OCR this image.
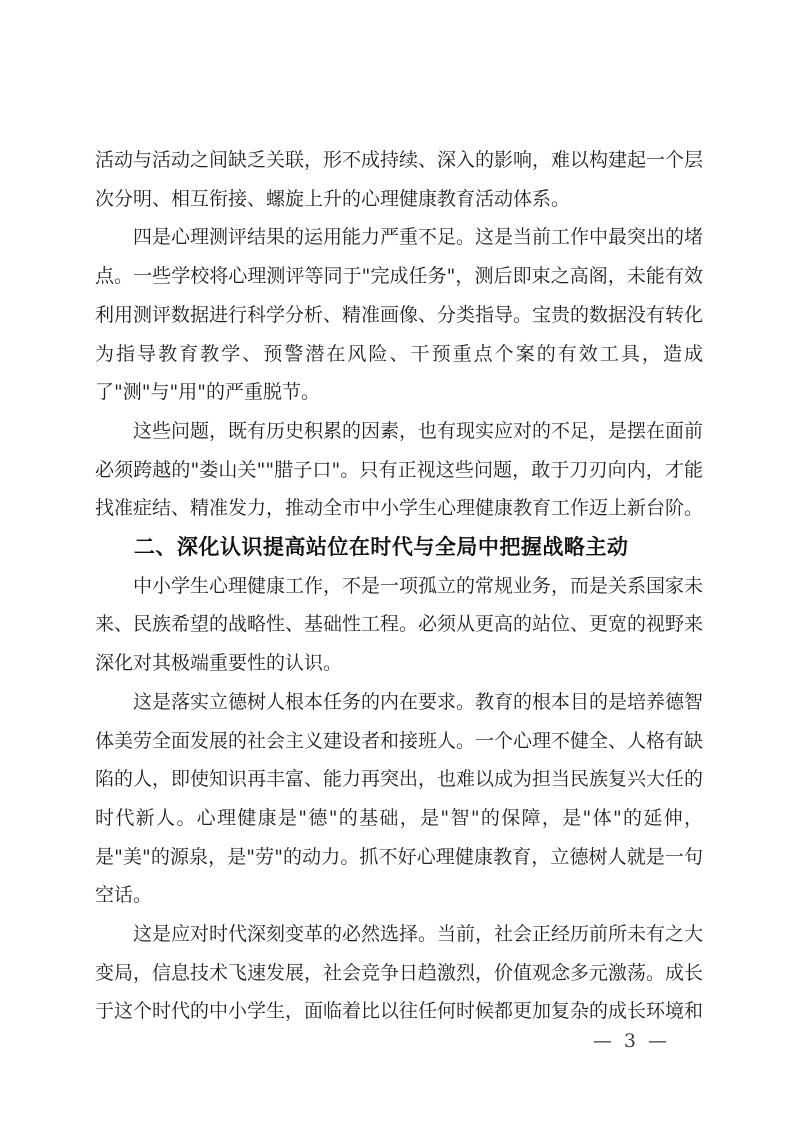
活动与活动之间缺乏关联，形不成持续、深入的影响，难以构建起一个层次分明、相互衔接、螺旋上升的心理健康教育活动体系。

四是心理测评结果的运用能力严重不足。这是当前工作中最突出的堵点。一些学校将心理测评等同于"完成任务"，测后即束之高阁，未能有效利用测评数据进行科学分析、精准画像、分类指导。宝贵的数据没有转化为指导教育教学、预警潜在风险、干预重点个案的有效工具，造成了"测"与"用"的严重脱节。

这些问题，既有历史积累的因素，也有现实应对的不足，是摆在面前必须跨越的"娄山关""腊子口"。只有正视这些问题，敢于刀刃向内，才能找准症结、精准发力，推动全市中小学生心理健康教育工作迈上新台阶。

二、深化认识提高站位在时代与全局中把握战略主动

中小学生心理健康工作，不是一项孤立的常规业务，而是关系国家未来、民族希望的战略性、基础性工程。必须从更高的站位、更宽的视野来深化对其极端重要性的认识。

这是落实立德树人根本任务的内在要求。教育的根本目的是培养德智体美劳全面发展的社会主义建设者和接班人。一个心理不健全、人格有缺陷的人，即使知识再丰富、能力再突出，也难以成为担当民族复兴大任的时代新人。心理健康是"德"的基础，是"智"的保障，是"体"的延伸，是"美"的源泉，是"劳"的动力。抓不好心理健康教育，立德树人就是一句空话。

这是应对时代深刻变革的必然选择。当前，社会正经历前所未有之大变局，信息技术飞速发展，社会竞争日趋激烈，价值观念多元激荡。成长于这个时代的中小学生，面临着比以往任何时候都更加复杂的成长环境和

— 3 —
